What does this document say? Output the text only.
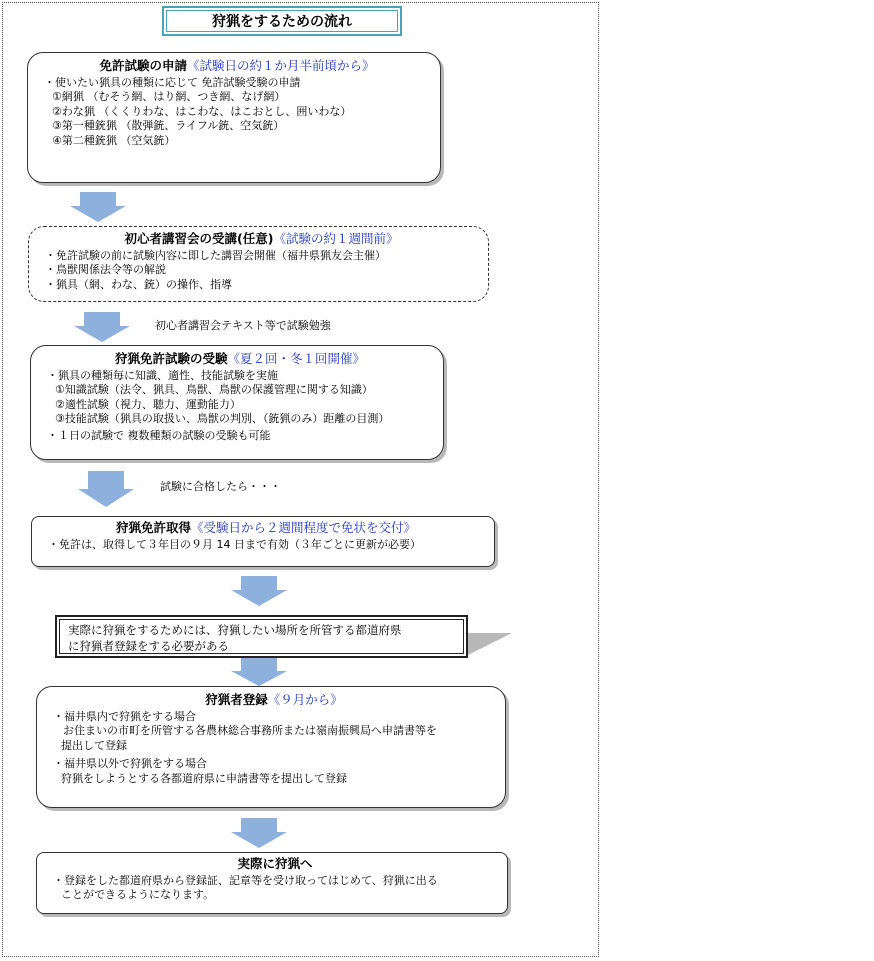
狩猟をするための流れ
免許試験の申請《試験日の約１か月半前頃から》
・使いたい猟具の種類に応じて 免許試験受験の申請
①網猟 （むそう網、はり網、つき網、なげ網）
②わな猟 （くくりわな、はこわな、はこおとし、囲いわな）
③第一種銃猟 （散弾銃、ライフル銃、空気銃）
④第二種銃猟 （空気銃）
初心者講習会の受講(任意)《試験の約１週間前》
・免許試験の前に試験内容に即した講習会開催（福井県猟友会主催）
・鳥獣関係法令等の解説
・猟具（網、わな、銃）の操作、指導
初心者講習会テキスト等で試験勉強
狩猟免許試験の受験《夏２回・冬１回開催》
・猟具の種類毎に知識、適性、技能試験を実施
①知識試験（法令、猟具、鳥獣、鳥獣の保護管理に関する知識）
②適性試験（視力、聴力、運動能力）
③技能試験（猟具の取扱い、鳥獣の判別、（銃猟のみ）距離の目測）
・１日の試験で 複数種類の試験の受験も可能
試験に合格したら・・・
狩猟免許取得《受験日から２週間程度で免状を交付》
・免許は、取得して３年目の９月 14 日まで有効（３年ごとに更新が必要）
実際に狩猟をするためには、狩猟したい場所を所管する都道府県
に狩猟者登録をする必要がある
狩猟者登録《９月から》
・福井県内で狩猟をする場合
お住まいの市町を所管する各農林総合事務所または嶺南振興局へ申請書等を
提出して登録
・福井県以外で狩猟をする場合
狩猟をしようとする各都道府県に申請書等を提出して登録
実際に狩猟へ
・登録をした都道府県から登録証、記章等を受け取ってはじめて、狩猟に出る
ことができるようになります。
